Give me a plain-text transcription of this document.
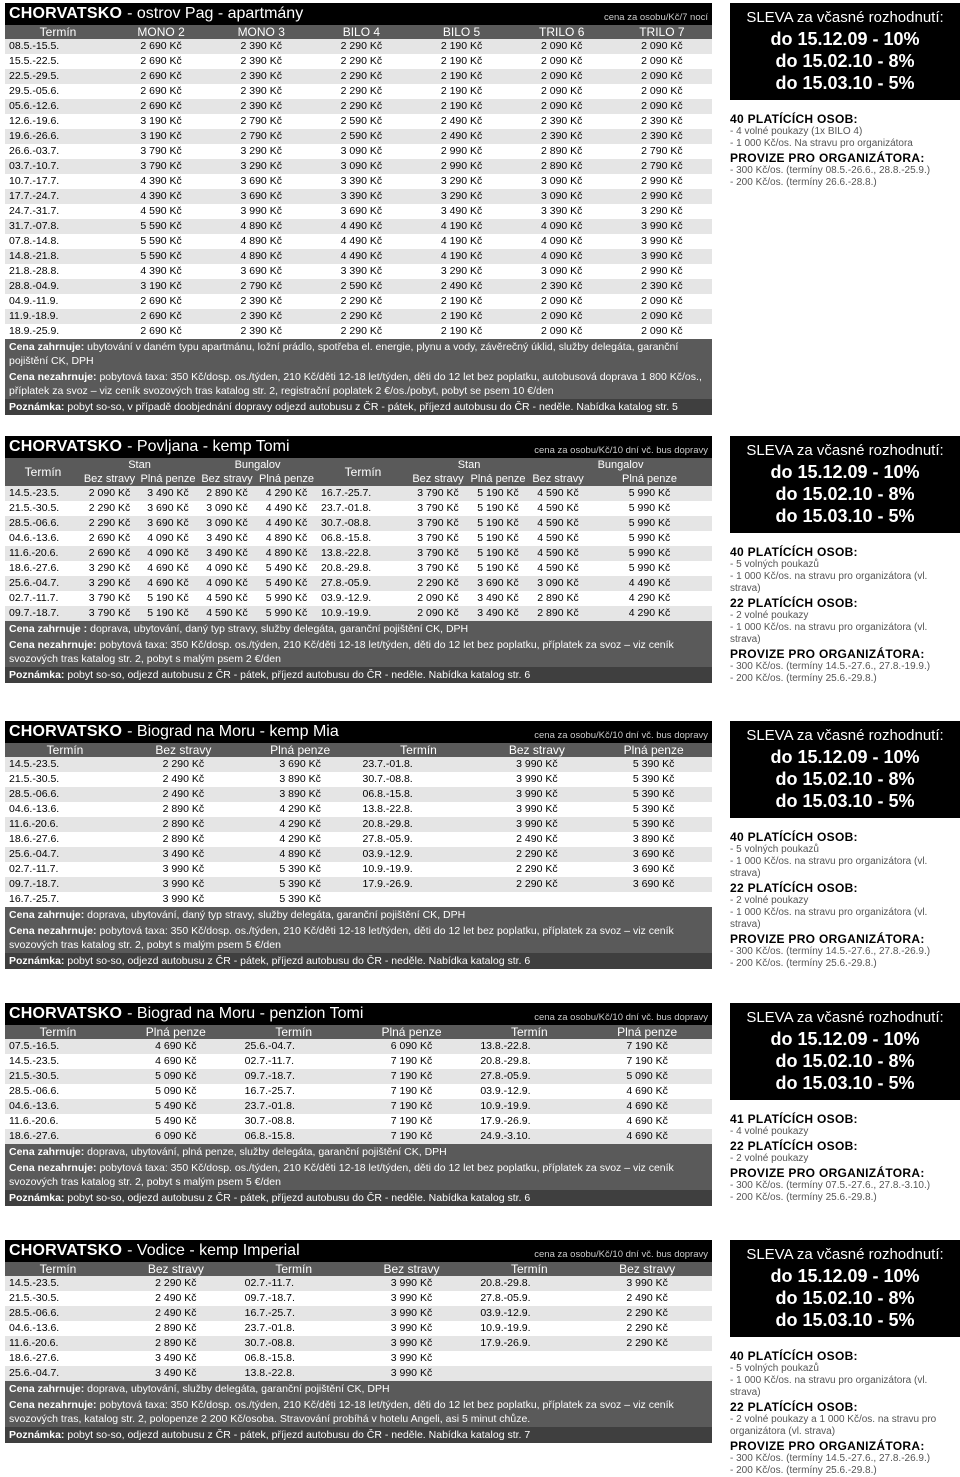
CHORVATSKO - ostrov Pag - apartmány	cena za osobu/Kč/7 nocí
Termín	MONO 2	MONO 3	BILO 4	BILO 5	TRILO 6	TRILO 7
08.5.-15.5.	2 690 Kč	2 390 Kč	2 290 Kč	2 190 Kč	2 090 Kč	2 090 Kč
15.5.-22.5.	2 690 Kč	2 390 Kč	2 290 Kč	2 190 Kč	2 090 Kč	2 090 Kč
22.5.-29.5.	2 690 Kč	2 390 Kč	2 290 Kč	2 190 Kč	2 090 Kč	2 090 Kč
29.5.-05.6.	2 690 Kč	2 390 Kč	2 290 Kč	2 190 Kč	2 090 Kč	2 090 Kč
05.6.-12.6.	2 690 Kč	2 390 Kč	2 290 Kč	2 190 Kč	2 090 Kč	2 090 Kč
12.6.-19.6.	3 190 Kč	2 790 Kč	2 590 Kč	2 490 Kč	2 390 Kč	2 390 Kč
19.6.-26.6.	3 190 Kč	2 790 Kč	2 590 Kč	2 490 Kč	2 390 Kč	2 390 Kč
26.6.-03.7.	3 790 Kč	3 290 Kč	3 090 Kč	2 990 Kč	2 890 Kč	2 790 Kč
03.7.-10.7.	3 790 Kč	3 290 Kč	3 090 Kč	2 990 Kč	2 890 Kč	2 790 Kč
10.7.-17.7.	4 390 Kč	3 690 Kč	3 390 Kč	3 290 Kč	3 090 Kč	2 990 Kč
17.7.-24.7.	4 390 Kč	3 690 Kč	3 390 Kč	3 290 Kč	3 090 Kč	2 990 Kč
24.7.-31.7.	4 590 Kč	3 990 Kč	3 690 Kč	3 490 Kč	3 390 Kč	3 290 Kč
31.7.-07.8.	5 590 Kč	4 890 Kč	4 490 Kč	4 190 Kč	4 090 Kč	3 990 Kč
07.8.-14.8.	5 590 Kč	4 890 Kč	4 490 Kč	4 190 Kč	4 090 Kč	3 990 Kč
14.8.-21.8.	5 590 Kč	4 890 Kč	4 490 Kč	4 190 Kč	4 090 Kč	3 990 Kč
21.8.-28.8.	4 390 Kč	3 690 Kč	3 390 Kč	3 290 Kč	3 090 Kč	2 990 Kč
28.8.-04.9.	3 190 Kč	2 790 Kč	2 590 Kč	2 490 Kč	2 390 Kč	2 390 Kč
04.9.-11.9.	2 690 Kč	2 390 Kč	2 290 Kč	2 190 Kč	2 090 Kč	2 090 Kč
11.9.-18.9.	2 690 Kč	2 390 Kč	2 290 Kč	2 190 Kč	2 090 Kč	2 090 Kč
18.9.-25.9.	2 690 Kč	2 390 Kč	2 290 Kč	2 190 Kč	2 090 Kč	2 090 Kč
Cena zahrnuje: ubytování v daném typu apartmánu, ložní prádlo, spotřeba el. energie, plynu a vody, závěrečný úklid, služby delegáta, garanční pojištění CK, DPH
Cena nezahrnuje: pobytová taxa: 350 Kč/dosp. os./týden, 210 Kč/děti 12-18 let/týden, děti do 12 let bez poplatku, autobusová doprava 1 800 Kč/os., příplatek za svoz – viz ceník svozových tras katalog str. 2, registrační poplatek 2 €/os./pobyt, pobyt se psem 10 €/den
Poznámka: pobyt so-so, v případě doobjednání dopravy odjezd autobusu z ČR - pátek, příjezd autobusu do ČR - neděle. Nabídka katalog str. 5
SLEVA za včasné rozhodnutí:
do 15.12.09 - 10%
do 15.02.10 - 8%
do 15.03.10 - 5%
40 PLATÍCÍCH OSOB:
- 4 volné poukazy (1x BILO 4)
- 1 000 Kč/os. Na stravu pro organizátora
PROVIZE PRO ORGANIZÁTORA:
- 300 Kč/os. (termíny 08.5.-26.6., 28.8.-25.9.)
- 200 Kč/os. (termíny 26.6.-28.8.)
CHORVATSKO - Povljana - kemp Tomi	cena za osobu/Kč/10 dní vč. bus dopravy
Termín	Stan		Bungalov		Termín	Stan		Bungalov	
	Bez stravy	Plná penze	Bez stravy	Plná penze		Bez stravy	Plná penze	Bez stravy	Plná penze
14.5.-23.5.	2 090 Kč	3 490 Kč	2 890 Kč	4 290 Kč	16.7.-25.7.	3 790 Kč	5 190 Kč	4 590 Kč	5 990 Kč
21.5.-30.5.	2 290 Kč	3 690 Kč	3 090 Kč	4 490 Kč	23.7.-01.8.	3 790 Kč	5 190 Kč	4 590 Kč	5 990 Kč
28.5.-06.6.	2 290 Kč	3 690 Kč	3 090 Kč	4 490 Kč	30.7.-08.8.	3 790 Kč	5 190 Kč	4 590 Kč	5 990 Kč
04.6.-13.6.	2 690 Kč	4 090 Kč	3 490 Kč	4 890 Kč	06.8.-15.8.	3 790 Kč	5 190 Kč	4 590 Kč	5 990 Kč
11.6.-20.6.	2 690 Kč	4 090 Kč	3 490 Kč	4 890 Kč	13.8.-22.8.	3 790 Kč	5 190 Kč	4 590 Kč	5 990 Kč
18.6.-27.6.	3 290 Kč	4 690 Kč	4 090 Kč	5 490 Kč	20.8.-29.8.	3 790 Kč	5 190 Kč	4 590 Kč	5 990 Kč
25.6.-04.7.	3 290 Kč	4 690 Kč	4 090 Kč	5 490 Kč	27.8.-05.9.	2 290 Kč	3 690 Kč	3 090 Kč	4 490 Kč
02.7.-11.7.	3 790 Kč	5 190 Kč	4 590 Kč	5 990 Kč	03.9.-12.9.	2 090 Kč	3 490 Kč	2 890 Kč	4 290 Kč
09.7.-18.7.	3 790 Kč	5 190 Kč	4 590 Kč	5 990 Kč	10.9.-19.9.	2 090 Kč	3 490 Kč	2 890 Kč	4 290 Kč
Cena zahrnuje : doprava, ubytování, daný typ stravy, služby delegáta, garanční pojištění CK, DPH
Cena nezahrnuje: pobytová taxa: 350 Kč/dosp. os./týden, 210 Kč/děti 12-18 let/týden, děti do 12 let bez poplatku, příplatek za svoz – viz ceník svozových tras katalog str. 2, pobyt s malým psem 2 €/den
Poznámka: pobyt so-so, odjezd autobusu z ČR - pátek, příjezd autobusu do ČR - neděle. Nabídka katalog str. 6
SLEVA za včasné rozhodnutí:
do 15.12.09 - 10%
do 15.02.10 - 8%
do 15.03.10 - 5%
40 PLATÍCÍCH OSOB:
- 5 volných poukazů
- 1 000 Kč/os. na stravu pro organizátora (vl. strava)
22 PLATÍCÍCH OSOB:
- 2 volné poukazy
- 1 000 Kč/os. na stravu pro organizátora (vl. strava)
PROVIZE PRO ORGANIZÁTORA:
- 300 Kč/os. (termíny 14.5.-27.6., 27.8.-19.9.)
- 200 Kč/os. (termíny 25.6.-29.8.)
CHORVATSKO - Biograd na Moru - kemp Mia	cena za osobu/Kč/10 dní vč. bus dopravy
Termín	Bez stravy	Plná penze	Termín	Bez stravy	Plná penze
14.5.-23.5.	2 290 Kč	3 690 Kč	23.7.-01.8.	3 990 Kč	5 390 Kč
21.5.-30.5.	2 490 Kč	3 890 Kč	30.7.-08.8.	3 990 Kč	5 390 Kč
28.5.-06.6.	2 490 Kč	3 890 Kč	06.8.-15.8.	3 990 Kč	5 390 Kč
04.6.-13.6.	2 890 Kč	4 290 Kč	13.8.-22.8.	3 990 Kč	5 390 Kč
11.6.-20.6.	2 890 Kč	4 290 Kč	20.8.-29.8.	3 990 Kč	5 390 Kč
18.6.-27.6.	2 890 Kč	4 290 Kč	27.8.-05.9.	2 490 Kč	3 890 Kč
25.6.-04.7.	3 490 Kč	4 890 Kč	03.9.-12.9.	2 290 Kč	3 690 Kč
02.7.-11.7.	3 990 Kč	5 390 Kč	10.9.-19.9.	2 290 Kč	3 690 Kč
09.7.-18.7.	3 990 Kč	5 390 Kč	17.9.-26.9.	2 290 Kč	3 690 Kč
16.7.-25.7.	3 990 Kč	5 390 Kč			
Cena zahrnuje: doprava, ubytování, daný typ stravy, služby delegáta, garanční pojištění CK, DPH
Cena nezahrnuje: pobytová taxa: 350 Kč/dosp. os./týden, 210 Kč/děti 12-18 let/týden, děti do 12 let bez poplatku, příplatek za svoz – viz ceník svozových tras katalog str. 2, pobyt s malým psem 5 €/den
Poznámka: pobyt so-so, odjezd autobusu z ČR - pátek, příjezd autobusu do ČR - neděle. Nabídka katalog str. 6
SLEVA za včasné rozhodnutí:
do 15.12.09 - 10%
do 15.02.10 - 8%
do 15.03.10 - 5%
40 PLATÍCÍCH OSOB:
- 5 volných poukazů
- 1 000 Kč/os. na stravu pro organizátora (vl. strava)
22 PLATÍCÍCH OSOB:
- 2 volné poukazy
- 1 000 Kč/os. na stravu pro organizátora (vl. strava)
PROVIZE PRO ORGANIZÁTORA:
- 300 Kč/os. (termíny 14.5.-27.6., 27.8.-26.9.)
- 200 Kč/os. (termíny 25.6.-29.8.)
CHORVATSKO - Biograd na Moru - penzion Tomi	cena za osobu/Kč/10 dní vč. bus dopravy
Termín	Plná penze	Termín	Plná penze	Termín	Plná penze
07.5.-16.5.	4 690 Kč	25.6.-04.7.	6 090 Kč	13.8.-22.8.	7 190 Kč
14.5.-23.5.	4 690 Kč	02.7.-11.7.	7 190 Kč	20.8.-29.8.	7 190 Kč
21.5.-30.5.	5 090 Kč	09.7.-18.7.	7 190 Kč	27.8.-05.9.	5 090 Kč
28.5.-06.6.	5 090 Kč	16.7.-25.7.	7 190 Kč	03.9.-12.9.	4 690 Kč
04.6.-13.6.	5 490 Kč	23.7.-01.8.	7 190 Kč	10.9.-19.9.	4 690 Kč
11.6.-20.6.	5 490 Kč	30.7.-08.8.	7 190 Kč	17.9.-26.9.	4 690 Kč
18.6.-27.6.	6 090 Kč	06.8.-15.8.	7 190 Kč	24.9.-3.10.	4 690 Kč
Cena zahrnuje: doprava, ubytování, plná penze, služby delegáta, garanční pojištění CK, DPH
Cena nezahrnuje: pobytová taxa: 350 Kč/dosp. os./týden, 210 Kč/děti 12-18 let/týden, děti do 12 let bez poplatku, příplatek za svoz – viz ceník svozových tras katalog str. 2, pobyt s malým psem 5 €/den
Poznámka: pobyt so-so, odjezd autobusu z ČR - pátek, příjezd autobusu do ČR - neděle. Nabídka katalog str. 6
SLEVA za včasné rozhodnutí:
do 15.12.09 - 10%
do 15.02.10 - 8%
do 15.03.10 - 5%
41 PLATÍCÍCH OSOB:
- 4 volné poukazy
22 PLATÍCÍCH OSOB:
- 2 volné poukazy
PROVIZE PRO ORGANIZÁTORA:
- 300 Kč/os. (termíny 07.5.-27.6., 27.8.-3.10.)
- 200 Kč/os. (termíny 25.6.-29.8.)
CHORVATSKO - Vodice - kemp Imperial	cena za osobu/Kč/10 dní vč. bus dopravy
Termín	Bez stravy	Termín	Bez stravy	Termín	Bez stravy
14.5.-23.5.	2 290 Kč	02.7.-11.7.	3 990 Kč	20.8.-29.8.	3 990 Kč
21.5.-30.5.	2 490 Kč	09.7.-18.7.	3 990 Kč	27.8.-05.9.	2 490 Kč
28.5.-06.6.	2 490 Kč	16.7.-25.7.	3 990 Kč	03.9.-12.9.	2 290 Kč
04.6.-13.6.	2 890 Kč	23.7.-01.8.	3 990 Kč	10.9.-19.9.	2 290 Kč
11.6.-20.6.	2 890 Kč	30.7.-08.8.	3 990 Kč	17.9.-26.9.	2 290 Kč
18.6.-27.6.	3 490 Kč	06.8.-15.8.	3 990 Kč		
25.6.-04.7.	3 490 Kč	13.8.-22.8.	3 990 Kč		
Cena zahrnuje: doprava, ubytování, služby delegáta, garanční pojištění CK, DPH
Cena nezahrnuje: pobytová taxa: 350 Kč/dosp. os./týden, 210 Kč/děti 12-18 let/týden, děti do 12 let bez poplatku, příplatek za svoz – viz ceník svozových tras, katalog str. 2, polopenze 2 200 Kč/osoba. Stravování probíhá v hotelu Angeli, asi 5 minut chůze.
Poznámka: pobyt so-so, odjezd autobusu z ČR - pátek, příjezd autobusu do ČR - neděle. Nabídka katalog str. 7
SLEVA za včasné rozhodnutí:
do 15.12.09 - 10%
do 15.02.10 - 8%
do 15.03.10 - 5%
40 PLATÍCÍCH OSOB:
- 5 volných poukazů
- 1 000 Kč/os. na stravu pro organizátora (vl. strava)
22 PLATÍCÍCH OSOB:
- 2 volné poukazy a 1 000 Kč/os. na stravu pro organizátora (vl. strava)
PROVIZE PRO ORGANIZÁTORA:
- 300 Kč/os. (termíny 14.5.-27.6., 27.8.-26.9.)
- 200 Kč/os. (termíny 25.6.-29.8.)
